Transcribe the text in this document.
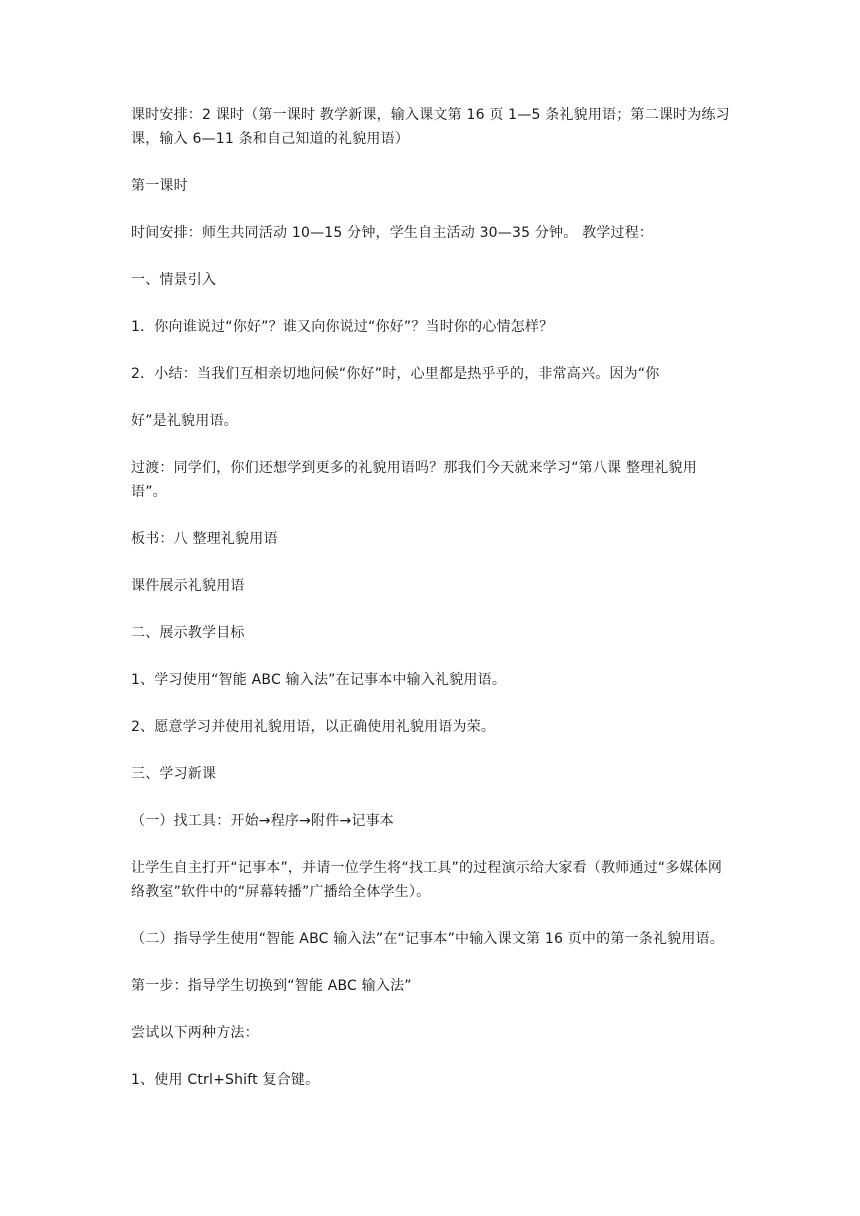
课时安排：2 课时（第一课时 教学新课，输入课文第 16 页 1—5 条礼貌用语；第二课时为练习课，输入 6—11 条和自己知道的礼貌用语）

第一课时

时间安排：师生共同活动 10—15 分钟，学生自主活动 30—35 分钟。 教学过程：

一、情景引入

1．你向谁说过“你好”？谁又向你说过“你好”？当时你的心情怎样？

2．小结：当我们互相亲切地问候“你好”时，心里都是热乎乎的，非常高兴。因为“你

好”是礼貌用语。

过渡：同学们，你们还想学到更多的礼貌用语吗？那我们今天就来学习“第八课 整理礼貌用语”。

板书：八 整理礼貌用语

课件展示礼貌用语

二、展示教学目标

1、学习使用“智能 ABC 输入法”在记事本中输入礼貌用语。

2、愿意学习并使用礼貌用语，以正确使用礼貌用语为荣。

三、学习新课

（一）找工具：开始→程序→附件→记事本

让学生自主打开“记事本”，并请一位学生将“找工具”的过程演示给大家看（教师通过“多媒体网络教室”软件中的“屏幕转播”广播给全体学生）。

（二）指导学生使用“智能 ABC 输入法”在“记事本”中输入课文第 16 页中的第一条礼貌用语。

第一步：指导学生切换到“智能 ABC 输入法”

尝试以下两种方法：

1、使用 Ctrl+Shift 复合键。
